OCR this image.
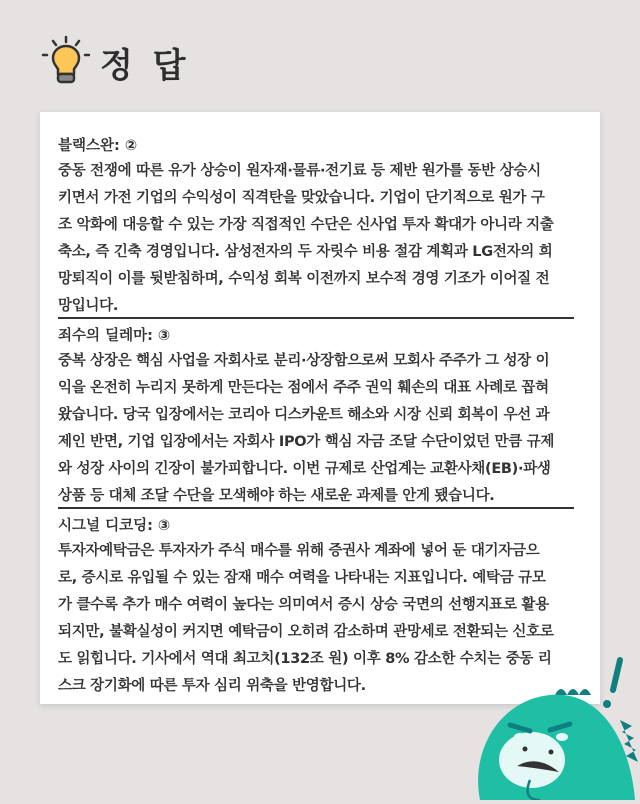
정 답
블랙스완: ②
중동 전쟁에 따른 유가 상승이 원자재·물류·전기료 등 제반 원가를 동반 상승시
키면서 가전 기업의 수익성이 직격탄을 맞았습니다. 기업이 단기적으로 원가 구
조 악화에 대응할 수 있는 가장 직접적인 수단은 신사업 투자 확대가 아니라 지출
축소, 즉 긴축 경영입니다. 삼성전자의 두 자릿수 비용 절감 계획과 LG전자의 희
망퇴직이 이를 뒷받침하며, 수익성 회복 이전까지 보수적 경영 기조가 이어질 전
망입니다.
죄수의 딜레마: ③
중복 상장은 핵심 사업을 자회사로 분리·상장함으로써 모회사 주주가 그 성장 이
익을 온전히 누리지 못하게 만든다는 점에서 주주 권익 훼손의 대표 사례로 꼽혀
왔습니다. 당국 입장에서는 코리아 디스카운트 해소와 시장 신뢰 회복이 우선 과
제인 반면, 기업 입장에서는 자회사 IPO가 핵심 자금 조달 수단이었던 만큼 규제
와 성장 사이의 긴장이 불가피합니다. 이번 규제로 산업계는 교환사채(EB)·파생
상품 등 대체 조달 수단을 모색해야 하는 새로운 과제를 안게 됐습니다.
시그널 디코딩: ③
투자자예탁금은 투자자가 주식 매수를 위해 증권사 계좌에 넣어 둔 대기자금으
로, 증시로 유입될 수 있는 잠재 매수 여력을 나타내는 지표입니다. 예탁금 규모
가 클수록 추가 매수 여력이 높다는 의미여서 증시 상승 국면의 선행지표로 활용
되지만, 불확실성이 커지면 예탁금이 오히려 감소하며 관망세로 전환되는 신호로
도 읽힙니다. 기사에서 역대 최고치(132조 원) 이후 8% 감소한 수치는 중동 리
스크 장기화에 따른 투자 심리 위축을 반영합니다.
